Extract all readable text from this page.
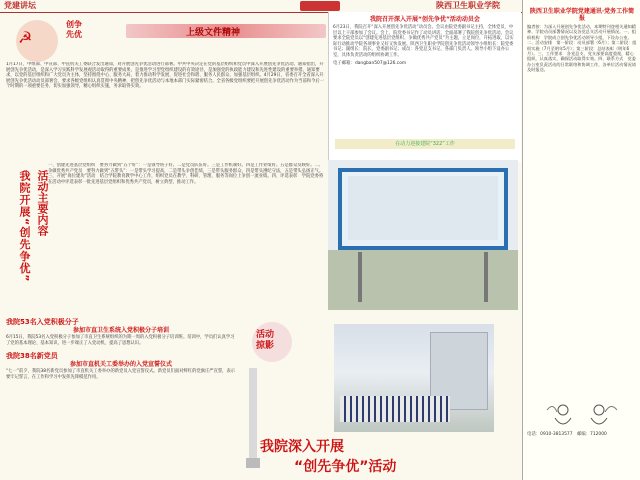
党建讲坛	陕西卫生职业学院
☭
创争
先优	上级文件精神
1月17日，中组部、中宣部、中直机关工委联合发出通知，对开展创先争优活动进行部署。中共中央决定在党的基层组织和党员中深入开展创先争优活动。通知指出，开展创先争优活动，是深入学习实践科学发展观活动取得的重要成果，是推进学习型党组织建设的有效途径，是加强党的执政能力建设和先进性建设的重要举措。通知要求，以党的基层组织和广大党员为主体，坚持围绕中心、服务大局，着力推动科学发展、促进社会和谐、服务人民群众、加强基层组织。4月29日，省委召开全省深入开展创先争优活动动员部署会，要求各级党组织认真贯彻中央精神，把创先争优活动与本地本部门实际紧密结合。全省各级党组织要把开展创先争优活动作为当前和今后一个时期的一项重要任务，切实加强领导，精心组织实施，务求取得实效。
我院召开深入开展“创先争优”活动动员会
6月23日，我院召开“深入开展创先争优活动”动员会。会议由院党委副书记主持，全体党员、中层以上干部参加了会议。会上，院党委书记作了动员讲话，全面部署了我院创先争优活动。会议要求全院党员以“创建先进基层党组织、争做优秀共产党员”为主题，立足岗位，开拓进取，以实际行动推动学院各项事业又好又快发展。陕西卫生职业学院创先争优活动领导小组组长：院党委书记；副组长：院长、党委副书记；成员：各党总支书记、各部门负责人。领导小组下设办公室，具体负责活动的组织协调工作。
电子邮箱：dangban507@126.com
在动力迎接建院“322”工作
我院开展“创先争优” 活动主要内容
一、创建先进基层党组织　要努力做到“五个好”：一是领导班子好。二是党员队伍好。三是工作机制好。四是工作业绩好。五是群众反映好。二、争做优秀共产党员　要努力做到“五带头”：一是带头学习提高，二是带头争创佳绩，三是带头服务群众，四是带头遵纪守法，五是带头弘扬正气。三、开展“岗位建功”活动　结合学院教育教学中心工作，组织党员在教学、科研、管理、服务等岗位上争创一流业绩。四、评选表彰　学院党委将在活动中评选表彰一批先进基层党组织和优秀共产党员，树立典型，推动工作。
我院53名入党积极分子
参加市直卫生系统入党积极分子培训
6月15日，我院53名入党积极分子参加了市直卫生系统组织的为期一周的入党积极分子培训班。培训中，学员们认真学习了党的基本理论、基本知识，进一步端正了入党动机，提高了思想认识。
我院38名新党员
参加市直机关工委举办的入党宣誓仪式
“七一”前夕，我院38名新党员参加了市直机关工委举办的新党员入党宣誓仪式。新党员们面对鲜红的党旗庄严宣誓，表示要牢记誓言，在工作和学习中发挥先锋模范作用。
活动
掠影
我院深入开展
“创先争优”活动
陕西卫生职业学院党建通讯·党务工作简报
编者按：为深入开展创先争优活动，本期特刊登相关通知精神、学院动员部署情况以及各党总支活动开展情况。一、组织机构　学院成立创先争优活动领导小组，下设办公室。二、活动安排　第一阶段：动员部署（6月）；第二阶段：组织实施（7月至明年5月）；第三阶段：总结表彰（明年6月）。三、工作要求　各党总支、党支部要高度重视，精心组织，认真落实，确保活动取得实效。四、联系方式　党委办公室负责活动的日常联络和协调工作，各单位活动情况请及时报送。
电话：0910-3813577　邮编：712000
